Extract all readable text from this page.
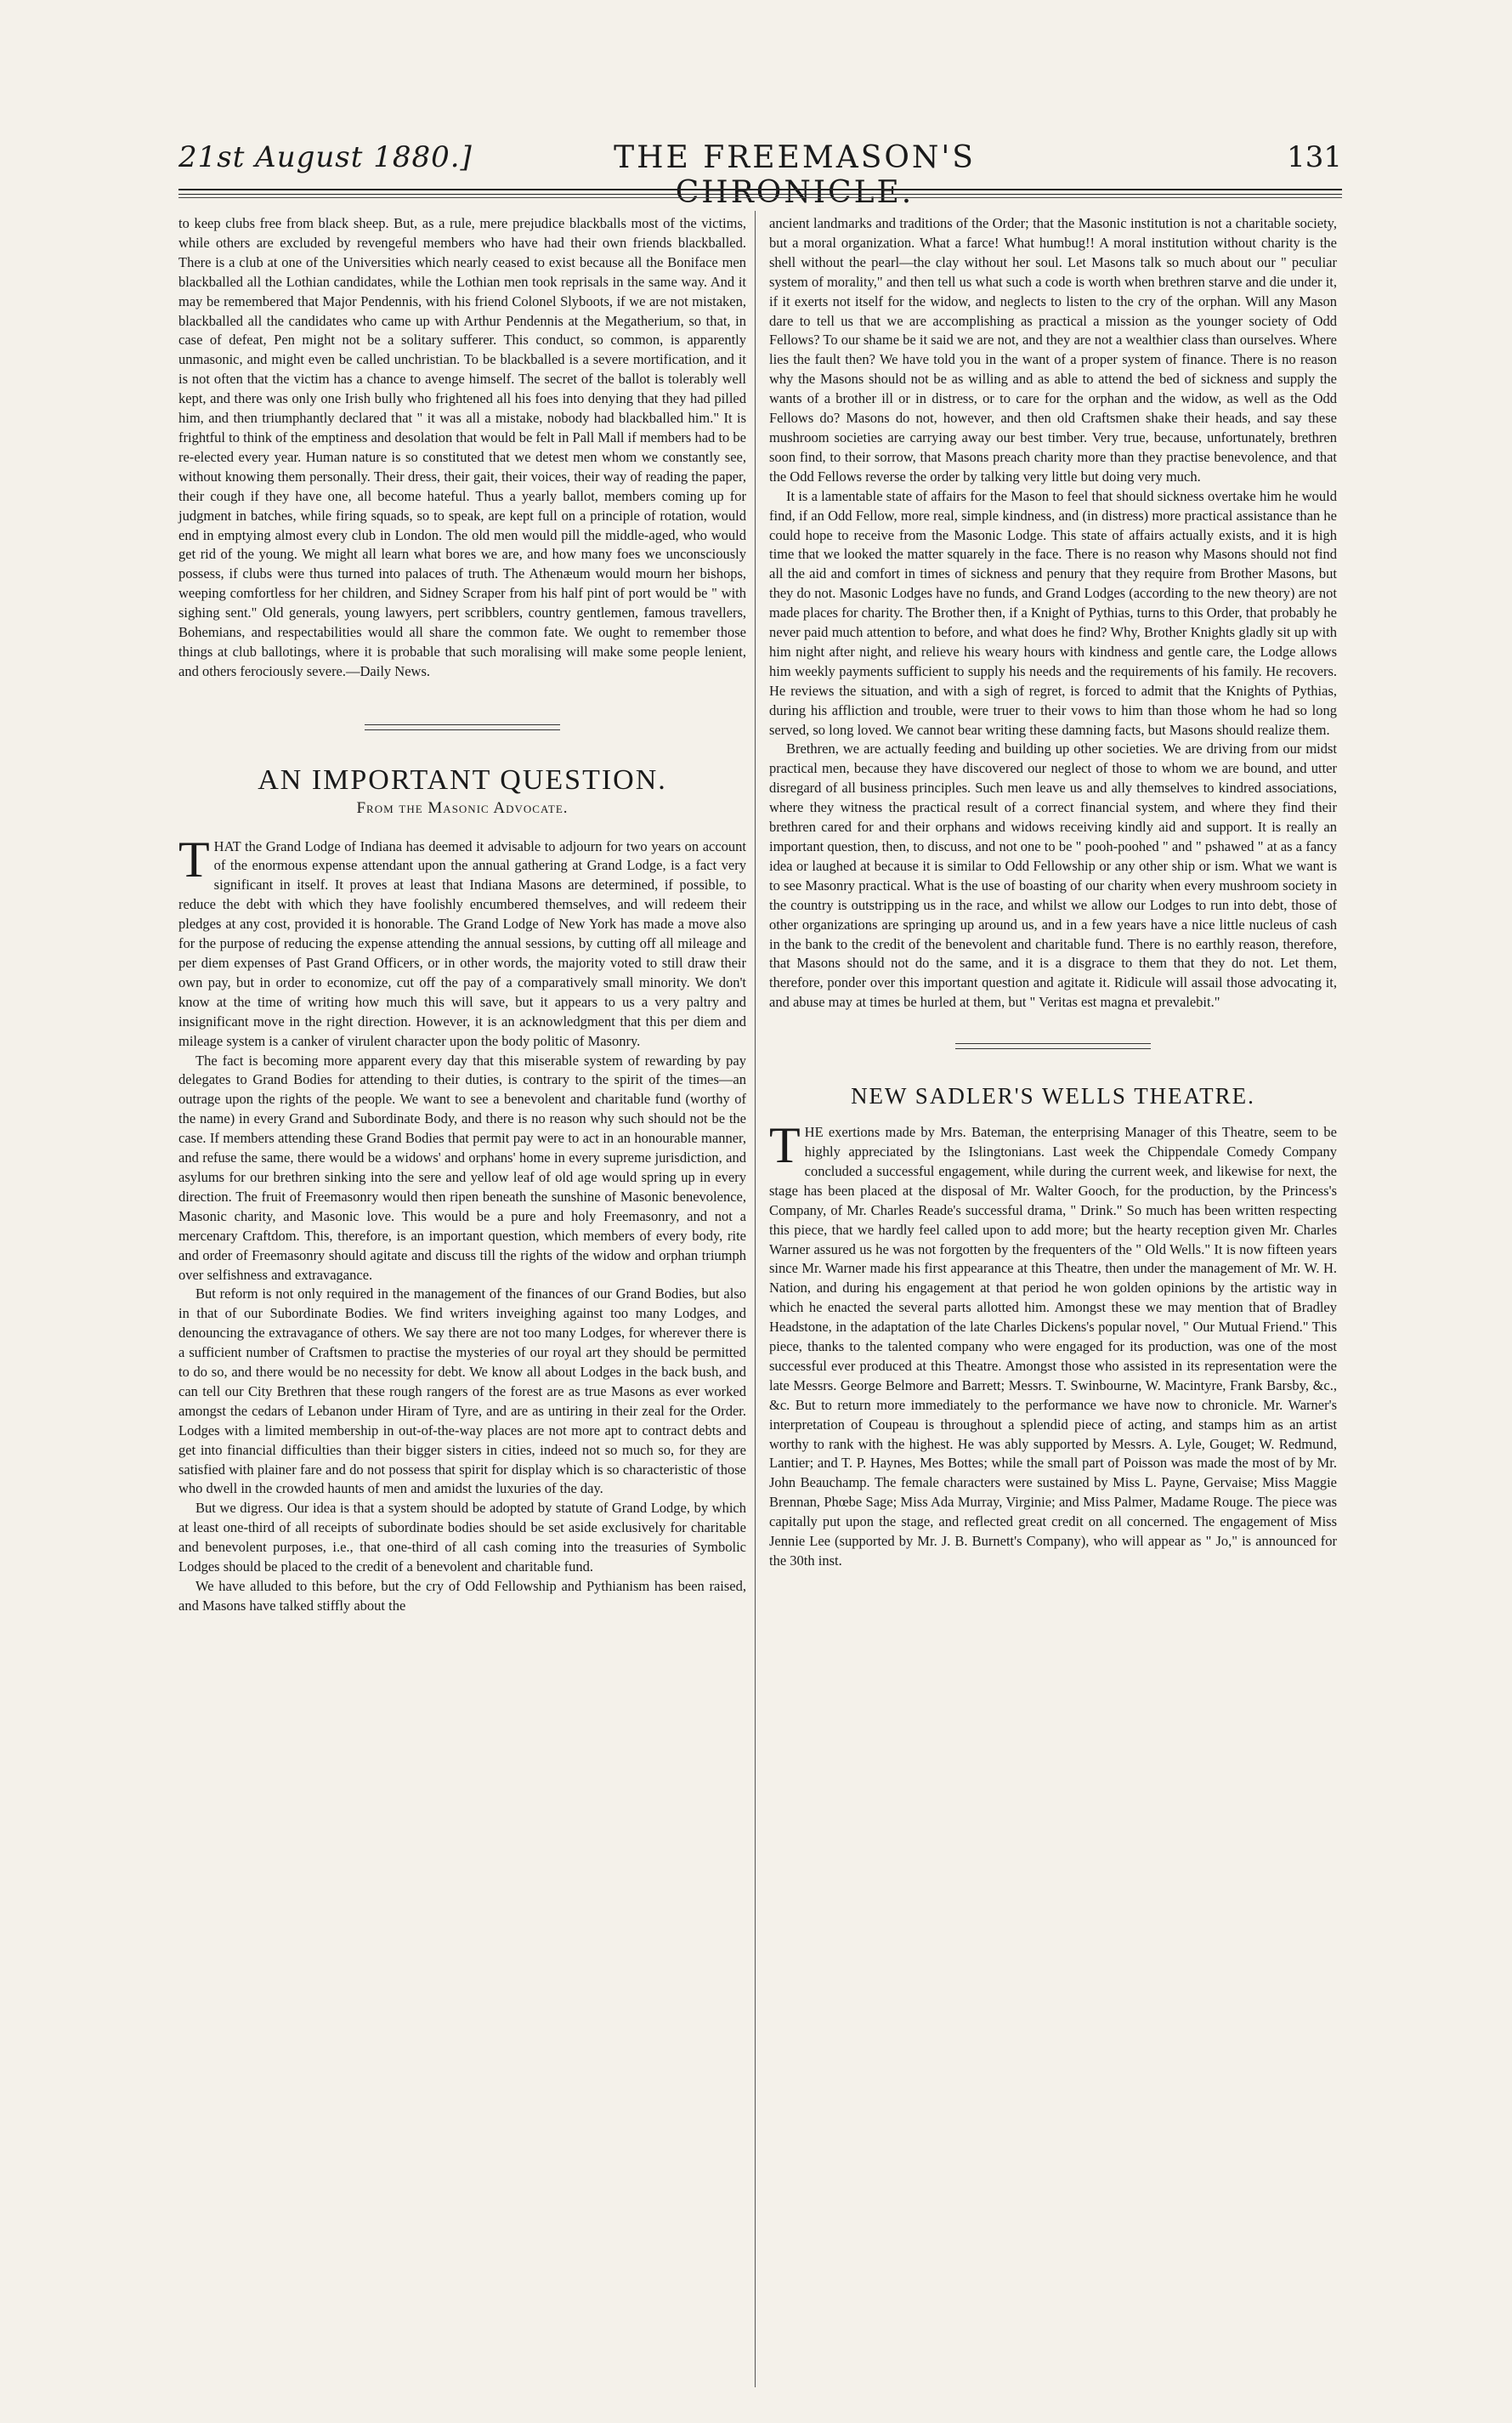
21st August 1880.]	THE FREEMASON'S CHRONICLE.
131

to keep clubs free from black sheep. But, as a rule, mere prejudice blackballs most of the victims, while others are excluded by revengeful members who have had their own friends blackballed. There is a club at one of the Universities which nearly ceased to exist because all the Boniface men blackballed all the Lothian candidates, while the Lothian men took reprisals in the same way. And it may be remembered that Major Pendennis, with his friend Colonel Slyboots, if we are not mistaken, blackballed all the candidates who came up with Arthur Pendennis at the Megatherium, so that, in case of defeat, Pen might not be a solitary sufferer. This conduct, so common, is apparently unmasonic, and might even be called unchristian. To be blackballed is a severe mortification, and it is not often that the victim has a chance to avenge himself. The secret of the ballot is tolerably well kept, and there was only one Irish bully who frightened all his foes into denying that they had pilled him, and then triumphantly declared that " it was all a mistake, nobody had blackballed him." It is frightful to think of the emptiness and desolation that would be felt in Pall Mall if members had to be re-elected every year. Human nature is so constituted that we detest men whom we constantly see, without knowing them personally. Their dress, their gait, their voices, their way of reading the paper, their cough if they have one, all become hateful. Thus a yearly ballot, members coming up for judgment in batches, while firing squads, so to speak, are kept full on a principle of rotation, would end in emptying almost every club in London. The old men would pill the middle-aged, who would get rid of the young. We might all learn what bores we are, and how many foes we unconsciously possess, if clubs were thus turned into palaces of truth. The Athenæum would mourn her bishops, weeping comfortless for her children, and Sidney Scraper from his half pint of port would be " with sighing sent." Old generals, young lawyers, pert scribblers, country gentlemen, famous travellers, Bohemians, and respectabilities would all share the common fate. We ought to remember those things at club ballotings, where it is probable that such moralising will make some people lenient, and others ferociously severe.—Daily News.

AN IMPORTANT QUESTION.
From the Masonic Advocate.

THAT the Grand Lodge of Indiana has deemed it advisable to adjourn for two years on account of the enormous expense attendant upon the annual gathering at Grand Lodge, is a fact very significant in itself. It proves at least that Indiana Masons are determined, if possible, to reduce the debt with which they have foolishly encumbered themselves, and will redeem their pledges at any cost, provided it is honorable. The Grand Lodge of New York has made a move also for the purpose of reducing the expense attending the annual sessions, by cutting off all mileage and per diem expenses of Past Grand Officers, or in other words, the majority voted to still draw their own pay, but in order to economize, cut off the pay of a comparatively small minority. We don't know at the time of writing how much this will save, but it appears to us a very paltry and insignificant move in the right direction. However, it is an acknowledgment that this per diem and mileage system is a canker of virulent character upon the body politic of Masonry.

The fact is becoming more apparent every day that this miserable system of rewarding by pay delegates to Grand Bodies for attending to their duties, is contrary to the spirit of the times—an outrage upon the rights of the people. We want to see a benevolent and charitable fund (worthy of the name) in every Grand and Subordinate Body, and there is no reason why such should not be the case. If members attending these Grand Bodies that permit pay were to act in an honourable manner, and refuse the same, there would be a widows' and orphans' home in every supreme jurisdiction, and asylums for our brethren sinking into the sere and yellow leaf of old age would spring up in every direction. The fruit of Freemasonry would then ripen beneath the sunshine of Masonic benevolence, Masonic charity, and Masonic love. This would be a pure and holy Freemasonry, and not a mercenary Craftdom. This, therefore, is an important question, which members of every body, rite and order of Freemasonry should agitate and discuss till the rights of the widow and orphan triumph over selfishness and extravagance.

But reform is not only required in the management of the finances of our Grand Bodies, but also in that of our Subordinate Bodies. We find writers inveighing against too many Lodges, and denouncing the extravagance of others. We say there are not too many Lodges, for wherever there is a sufficient number of Craftsmen to practise the mysteries of our royal art they should be permitted to do so, and there would be no necessity for debt. We know all about Lodges in the back bush, and can tell our City Brethren that these rough rangers of the forest are as true Masons as ever worked amongst the cedars of Lebanon under Hiram of Tyre, and are as untiring in their zeal for the Order. Lodges with a limited membership in out-of-the-way places are not more apt to contract debts and get into financial difficulties than their bigger sisters in cities, indeed not so much so, for they are satisfied with plainer fare and do not possess that spirit for display which is so characteristic of those who dwell in the crowded haunts of men and amidst the luxuries of the day.

But we digress. Our idea is that a system should be adopted by statute of Grand Lodge, by which at least one-third of all receipts of subordinate bodies should be set aside exclusively for charitable and benevolent purposes, i.e., that one-third of all cash coming into the treasuries of Symbolic Lodges should be placed to the credit of a benevolent and charitable fund.

We have alluded to this before, but the cry of Odd Fellowship and Pythianism has been raised, and Masons have talked stiffly about the

ancient landmarks and traditions of the Order; that the Masonic institution is not a charitable society, but a moral organization. What a farce! What humbug!! A moral institution without charity is the shell without the pearl—the clay without her soul. Let Masons talk so much about our " peculiar system of morality," and then tell us what such a code is worth when brethren starve and die under it, if it exerts not itself for the widow, and neglects to listen to the cry of the orphan. Will any Mason dare to tell us that we are accomplishing as practical a mission as the younger society of Odd Fellows? To our shame be it said we are not, and they are not a wealthier class than ourselves. Where lies the fault then? We have told you in the want of a proper system of finance. There is no reason why the Masons should not be as willing and as able to attend the bed of sickness and supply the wants of a brother ill or in distress, or to care for the orphan and the widow, as well as the Odd Fellows do? Masons do not, however, and then old Craftsmen shake their heads, and say these mushroom societies are carrying away our best timber. Very true, because, unfortunately, brethren soon find, to their sorrow, that Masons preach charity more than they practise benevolence, and that the Odd Fellows reverse the order by talking very little but doing very much.

It is a lamentable state of affairs for the Mason to feel that should sickness overtake him he would find, if an Odd Fellow, more real, simple kindness, and (in distress) more practical assistance than he could hope to receive from the Masonic Lodge. This state of affairs actually exists, and it is high time that we looked the matter squarely in the face. There is no reason why Masons should not find all the aid and comfort in times of sickness and penury that they require from Brother Masons, but they do not. Masonic Lodges have no funds, and Grand Lodges (according to the new theory) are not made places for charity. The Brother then, if a Knight of Pythias, turns to this Order, that probably he never paid much attention to before, and what does he find? Why, Brother Knights gladly sit up with him night after night, and relieve his weary hours with kindness and gentle care, the Lodge allows him weekly payments sufficient to supply his needs and the requirements of his family. He recovers. He reviews the situation, and with a sigh of regret, is forced to admit that the Knights of Pythias, during his affliction and trouble, were truer to their vows to him than those whom he had so long served, so long loved. We cannot bear writing these damning facts, but Masons should realize them.

Brethren, we are actually feeding and building up other societies. We are driving from our midst practical men, because they have discovered our neglect of those to whom we are bound, and utter disregard of all business principles. Such men leave us and ally themselves to kindred associations, where they witness the practical result of a correct financial system, and where they find their brethren cared for and their orphans and widows receiving kindly aid and support. It is really an important question, then, to discuss, and not one to be " pooh-poohed " and " pshawed " at as a fancy idea or laughed at because it is similar to Odd Fellowship or any other ship or ism. What we want is to see Masonry practical. What is the use of boasting of our charity when every mushroom society in the country is outstripping us in the race, and whilst we allow our Lodges to run into debt, those of other organizations are springing up around us, and in a few years have a nice little nucleus of cash in the bank to the credit of the benevolent and charitable fund. There is no earthly reason, therefore, that Masons should not do the same, and it is a disgrace to them that they do not. Let them, therefore, ponder over this important question and agitate it. Ridicule will assail those advocating it, and abuse may at times be hurled at them, but " Veritas est magna et prevalebit."

NEW SADLER'S WELLS THEATRE.

THE exertions made by Mrs. Bateman, the enterprising Manager of this Theatre, seem to be highly appreciated by the Islingtonians. Last week the Chippendale Comedy Company concluded a successful engagement, while during the current week, and likewise for next, the stage has been placed at the disposal of Mr. Walter Gooch, for the production, by the Princess's Company, of Mr. Charles Reade's successful drama, " Drink." So much has been written respecting this piece, that we hardly feel called upon to add more; but the hearty reception given Mr. Charles Warner assured us he was not forgotten by the frequenters of the " Old Wells." It is now fifteen years since Mr. Warner made his first appearance at this Theatre, then under the management of Mr. W. H. Nation, and during his engagement at that period he won golden opinions by the artistic way in which he enacted the several parts allotted him. Amongst these we may mention that of Bradley Headstone, in the adaptation of the late Charles Dickens's popular novel, " Our Mutual Friend." This piece, thanks to the talented company who were engaged for its production, was one of the most successful ever produced at this Theatre. Amongst those who assisted in its representation were the late Messrs. George Belmore and Barrett; Messrs. T. Swinbourne, W. Macintyre, Frank Barsby, &c., &c. But to return more immediately to the performance we have now to chronicle. Mr. Warner's interpretation of Coupeau is throughout a splendid piece of acting, and stamps him as an artist worthy to rank with the highest. He was ably supported by Messrs. A. Lyle, Gouget; W. Redmund, Lantier; and T. P. Haynes, Mes Bottes; while the small part of Poisson was made the most of by Mr. John Beauchamp. The female characters were sustained by Miss L. Payne, Gervaise; Miss Maggie Brennan, Phœbe Sage; Miss Ada Murray, Virginie; and Miss Palmer, Madame Rouge. The piece was capitally put upon the stage, and reflected great credit on all concerned. The engagement of Miss Jennie Lee (supported by Mr. J. B. Burnett's Company), who will appear as " Jo," is announced for the 30th inst.
